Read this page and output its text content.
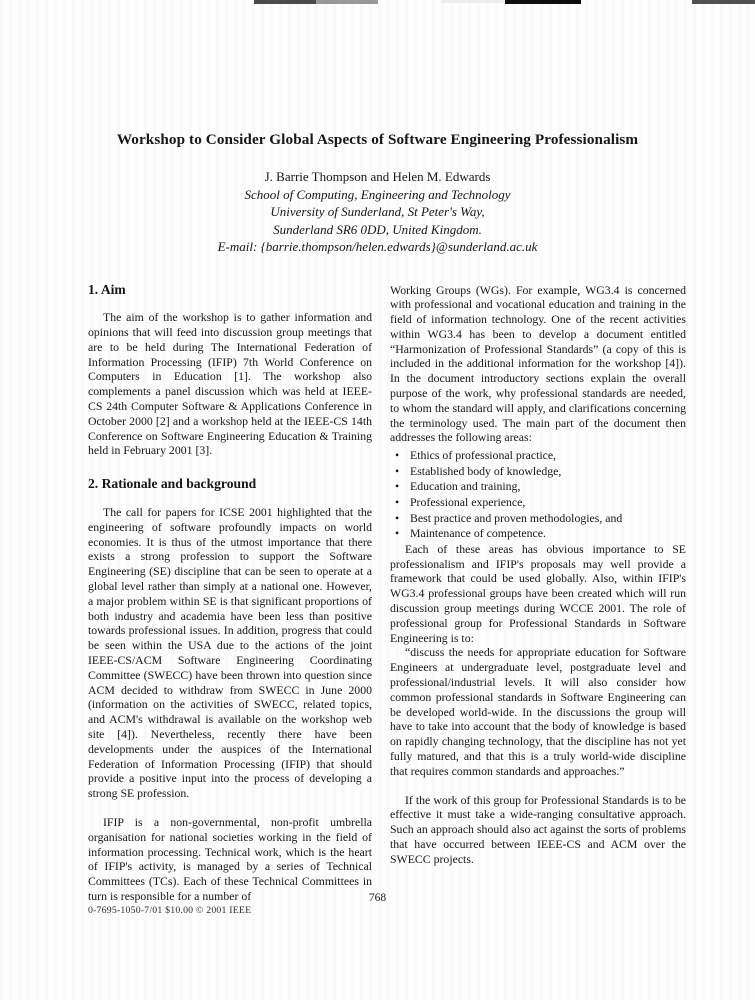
Workshop to Consider Global Aspects of Software Engineering Professionalism
J. Barrie Thompson and Helen M. Edwards
School of Computing, Engineering and Technology
University of Sunderland, St Peter's Way,
Sunderland SR6 0DD, United Kingdom.
E-mail: {barrie.thompson/helen.edwards}@sunderland.ac.uk
1. Aim

The aim of the workshop is to gather information and opinions that will feed into discussion group meetings that are to be held during The International Federation of Information Processing (IFIP) 7th World Conference on Computers in Education [1]. The workshop also complements a panel discussion which was held at IEEE-CS 24th Computer Software & Applications Conference in October 2000 [2] and a workshop held at the IEEE-CS 14th Conference on Software Engineering Education & Training held in February 2001 [3].

2. Rationale and background

The call for papers for ICSE 2001 highlighted that the engineering of software profoundly impacts on world economies. It is thus of the utmost importance that there exists a strong profession to support the Software Engineering (SE) discipline that can be seen to operate at a global level rather than simply at a national one. However, a major problem within SE is that significant proportions of both industry and academia have been less than positive towards professional issues. In addition, progress that could be seen within the USA due to the actions of the joint IEEE-CS/ACM Software Engineering Coordinating Committee (SWECC) have been thrown into question since ACM decided to withdraw from SWECC in June 2000 (information on the activities of SWECC, related topics, and ACM's withdrawal is available on the workshop web site [4]). Nevertheless, recently there have been developments under the auspices of the International Federation of Information Processing (IFIP) that should provide a positive input into the process of developing a strong SE profession.

IFIP is a non-governmental, non-profit umbrella organisation for national societies working in the field of information processing. Technical work, which is the heart of IFIP's activity, is managed by a series of Technical Committees (TCs). Each of these Technical Committees in turn is responsible for a number of

Working Groups (WGs). For example, WG3.4 is concerned with professional and vocational education and training in the field of information technology. One of the recent activities within WG3.4 has been to develop a document entitled “Harmonization of Professional Standards” (a copy of this is included in the additional information for the workshop [4]). In the document introductory sections explain the overall purpose of the work, why professional standards are needed, to whom the standard will apply, and clarifications concerning the terminology used. The main part of the document then addresses the following areas:

• Ethics of professional practice,
• Established body of knowledge,
• Education and training,
• Professional experience,
• Best practice and proven methodologies, and
• Maintenance of competence.

Each of these areas has obvious importance to SE professionalism and IFIP's proposals may well provide a framework that could be used globally. Also, within IFIP's WG3.4 professional groups have been created which will run discussion group meetings during WCCE 2001. The role of professional group for Professional Standards in Software Engineering is to:

“discuss the needs for appropriate education for Software Engineers at undergraduate level, postgraduate level and professional/industrial levels. It will also consider how common professional standards in Software Engineering can be developed world-wide. In the discussions the group will have to take into account that the body of knowledge is based on rapidly changing technology, that the discipline has not yet fully matured, and that this is a truly world-wide discipline that requires common standards and approaches.”

If the work of this group for Professional Standards is to be effective it must take a wide-ranging consultative approach. Such an approach should also act against the sorts of problems that have occurred between IEEE-CS and ACM over the SWECC projects.

768
0-7695-1050-7/01 $10.00 © 2001 IEEE
